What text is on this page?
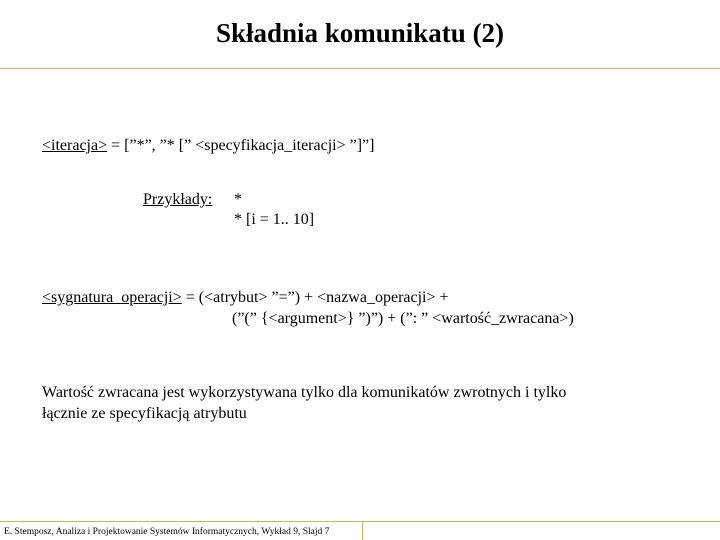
Składnia komunikatu (2)
<iteracja> = [”*”, ”* [” <specyfikacja_iteracji> ”]”]
Przykłady: *
* [i = 1.. 10]
<sygnatura_operacji> = (<atrybut> ”=”) + <nazwa_operacji> +
(”(” {<argument>} ”)”) + (”: ” <wartość_zwracana>)
Wartość zwracana jest wykorzystywana tylko dla komunikatów zwrotnych i tylko
łącznie ze specyfikacją atrybutu
E. Stemposz, Analiza i Projektowanie Systemów Informatycznych, Wykład 9, Slajd 7
